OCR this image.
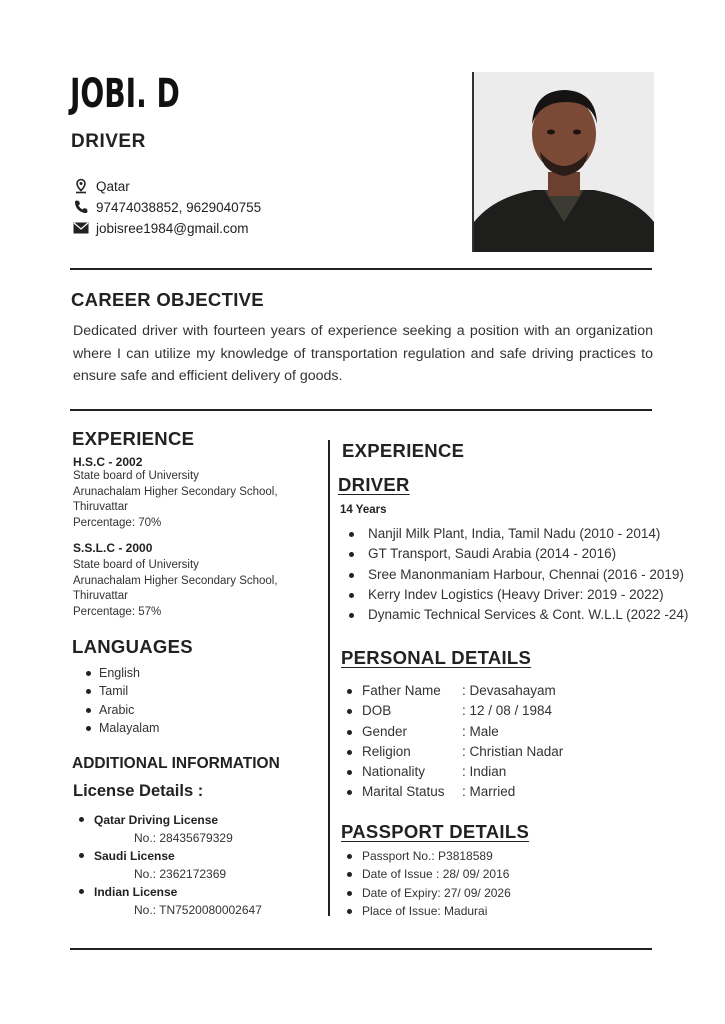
JOBI. D
DRIVER
Qatar
97474038852, 9629040755
jobisree1984@gmail.com
CAREER OBJECTIVE
Dedicated driver with fourteen years of experience seeking a position with an organization where I can utilize my knowledge of transportation regulation and safe driving practices to ensure safe and efficient delivery of goods.
EXPERIENCE
H.S.C - 2002
State board of University
Arunachalam Higher Secondary School,
Thiruvattar
Percentage: 70%
S.S.L.C - 2000
State board of University
Arunachalam Higher Secondary School,
Thiruvattar
Percentage: 57%
LANGUAGES
English
Tamil
Arabic
Malayalam
ADDITIONAL INFORMATION
License Details :
Qatar Driving License
No.: 28435679329
Saudi License
No.: 2362172369
Indian License
No.: TN7520080002647
EXPERIENCE
DRIVER
14 Years
Nanjil Milk Plant, India, Tamil Nadu (2010 - 2014)
GT Transport, Saudi Arabia (2014 - 2016)
Sree Manonmaniam Harbour, Chennai (2016 - 2019)
Kerry Indev Logistics (Heavy Driver: 2019 - 2022)
Dynamic Technical Services & Cont. W.L.L (2022 -24)
PERSONAL DETAILS
Father Name : Devasahayam
DOB	: 12 / 08 / 1984
Gender	: Male
Religion	: Christian Nadar
Nationality	: Indian
Marital Status : Married
PASSPORT DETAILS
Passport No.: P3818589
Date of Issue : 28/ 09/ 2016
Date of Expiry: 27/ 09/ 2026
Place of Issue: Madurai
